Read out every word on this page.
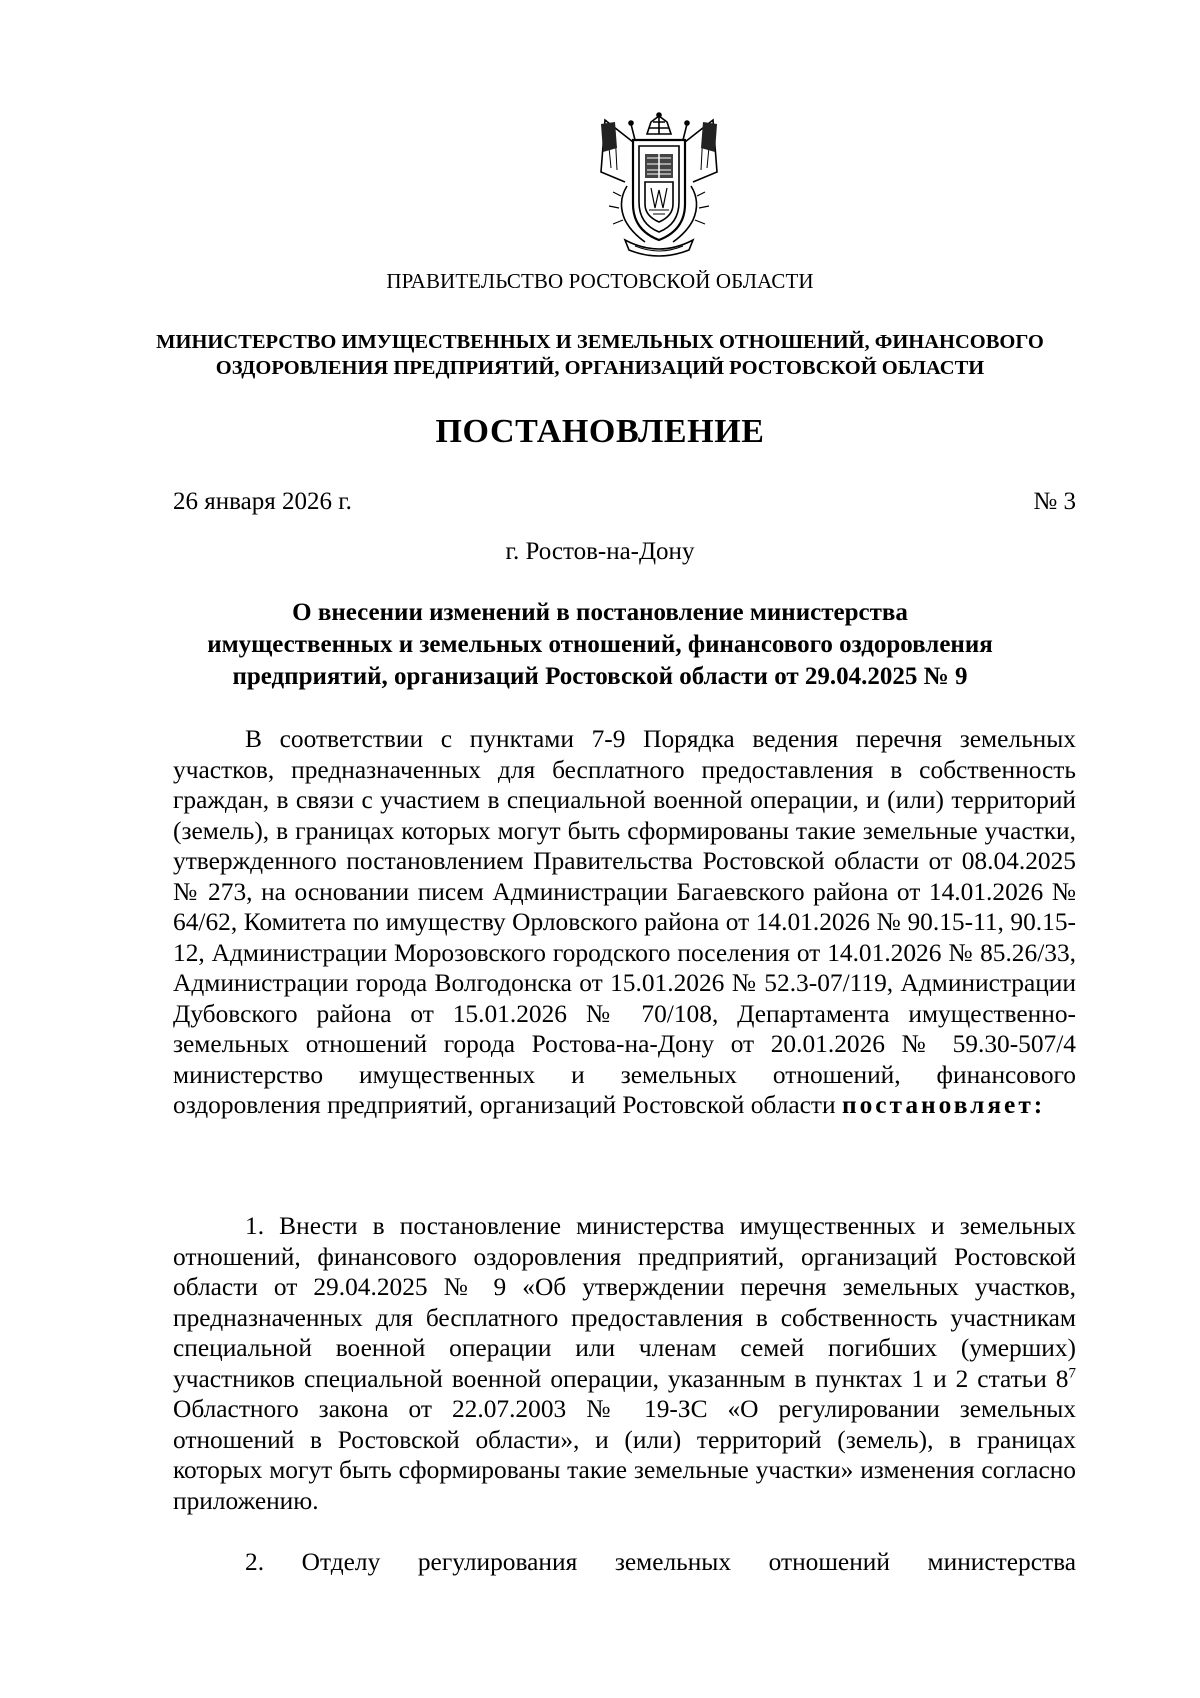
ПРАВИТЕЛЬСТВО РОСТОВСКОЙ ОБЛАСТИ
МИНИСТЕРСТВО ИМУЩЕСТВЕННЫХ И ЗЕМЕЛЬНЫХ ОТНОШЕНИЙ, ФИНАНСОВОГО
ОЗДОРОВЛЕНИЯ ПРЕДПРИЯТИЙ, ОРГАНИЗАЦИЙ РОСТОВСКОЙ ОБЛАСТИ
ПОСТАНОВЛЕНИЕ
26 января 2026 г.	№ 3
г. Ростов-на-Дону
О внесении изменений в постановление министерства
имущественных и земельных отношений, финансового оздоровления
предприятий, организаций Ростовской области от 29.04.2025 № 9
В соответствии с пунктами 7-9 Порядка ведения перечня земельных участков, предназначенных для бесплатного предоставления в собственность граждан, в связи с участием в специальной военной операции, и (или) территорий (земель), в границах которых могут быть сформированы такие земельные участки, утвержденного постановлением Правительства Ростовской области от 08.04.2025 № 273, на основании писем Администрации Багаевского района от 14.01.2026 № 64/62, Комитета по имуществу Орловского района от 14.01.2026 № 90.15-11, 90.15-12, Администрации Морозовского городского поселения от 14.01.2026 № 85.26/33, Администрации города Волгодонска от 15.01.2026 № 52.3-07/119, Администрации Дубовского района от 15.01.2026 № 70/108, Департамента имущественно-земельных отношений города Ростова-на-Дону от 20.01.2026 № 59.30-507/4 министерство имущественных и земельных отношений, финансового оздоровления предприятий, организаций Ростовской области постановляет:
1. Внести в постановление министерства имущественных и земельных отношений, финансового оздоровления предприятий, организаций Ростовской области от 29.04.2025 № 9 «Об утверждении перечня земельных участков, предназначенных для бесплатного предоставления в собственность участникам специальной военной операции или членам семей погибших (умерших) участников специальной военной операции, указанным в пунктах 1 и 2 статьи $8^7$ Областного закона от 22.07.2003 № 19-ЗС «О регулировании земельных отношений в Ростовской области», и (или) территорий (земель), в границах которых могут быть сформированы такие земельные участки» изменения согласно приложению.
2. Отделу регулирования земельных отношений министерства
